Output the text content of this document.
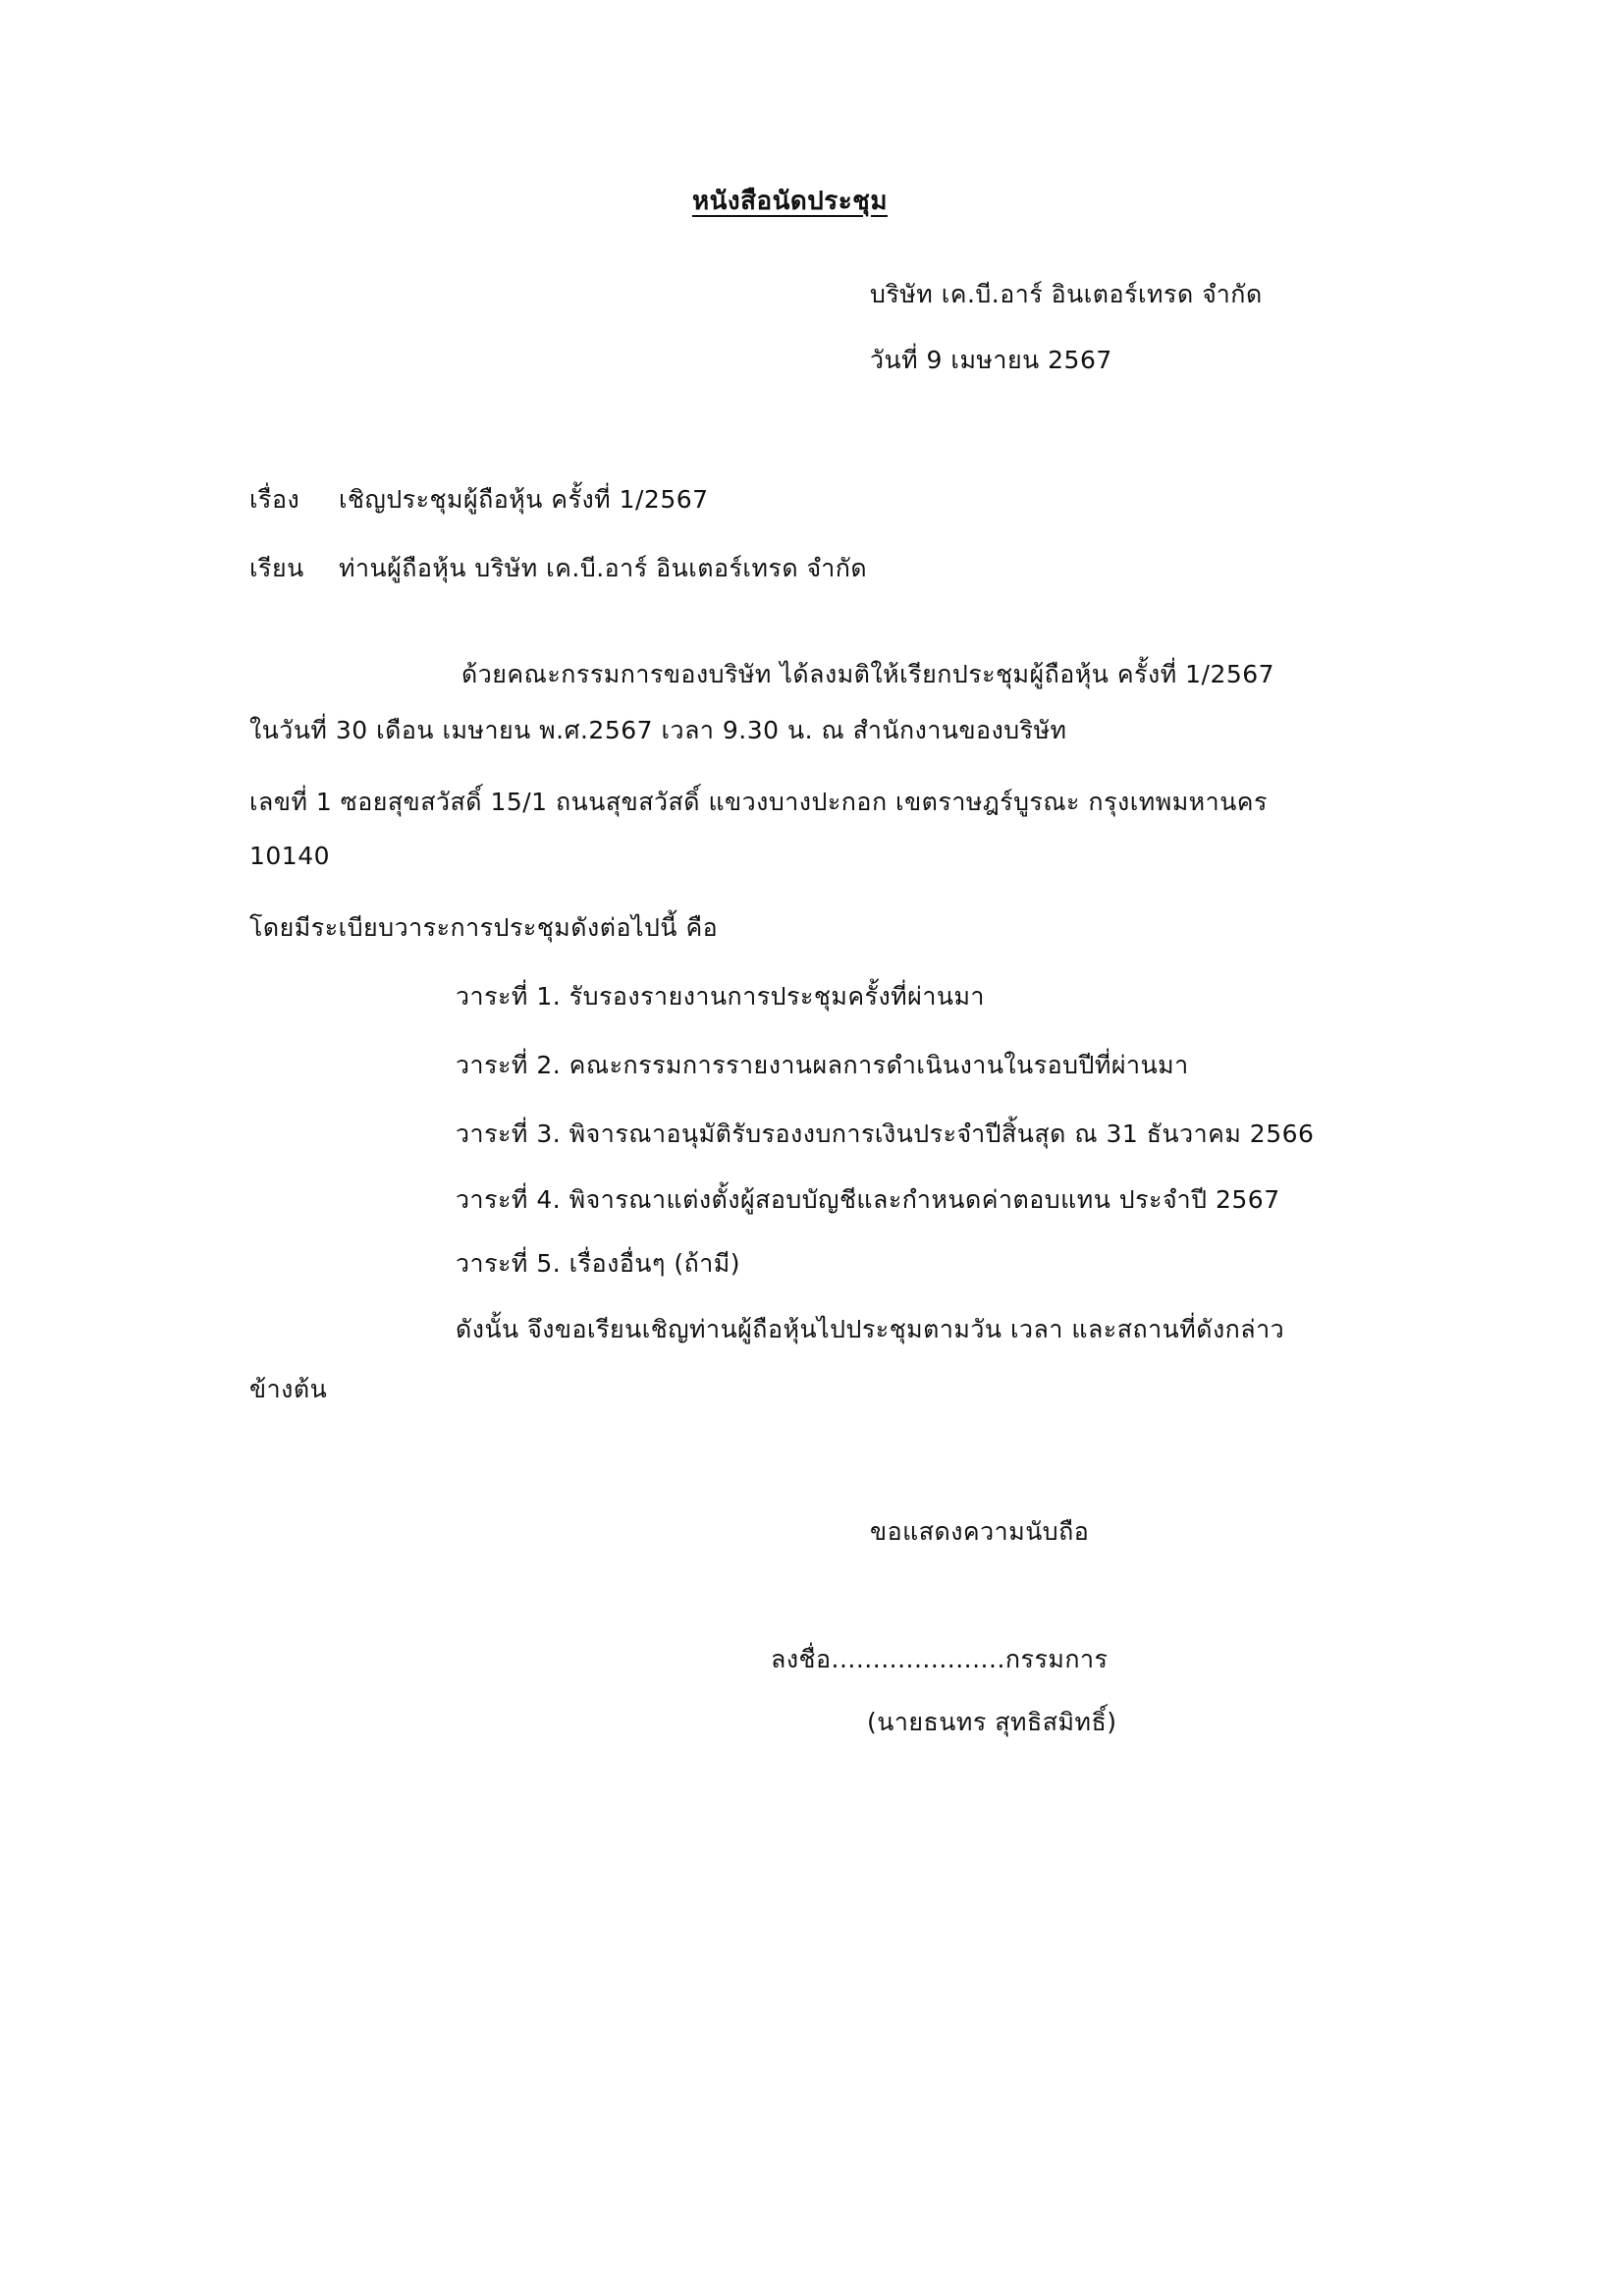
หนังสือนัดประชุม
บริษัท เค.บี.อาร์ อินเตอร์เทรด จำกัด
วันที่ 9 เมษายน 2567
เรื่อง เชิญประชุมผู้ถือหุ้น ครั้งที่ 1/2567
เรียน ท่านผู้ถือหุ้น บริษัท เค.บี.อาร์ อินเตอร์เทรด จำกัด
ด้วยคณะกรรมการของบริษัท ได้ลงมติให้เรียกประชุมผู้ถือหุ้น ครั้งที่ 1/2567
ในวันที่ 30 เดือน เมษายน พ.ศ.2567 เวลา 9.30 น. ณ สำนักงานของบริษัท
เลขที่ 1 ซอยสุขสวัสดิ์ 15/1 ถนนสุขสวัสดิ์ แขวงบางปะกอก เขตราษฎร์บูรณะ กรุงเทพมหานคร
10140
โดยมีระเบียบวาระการประชุมดังต่อไปนี้ คือ
วาระที่ 1. รับรองรายงานการประชุมครั้งที่ผ่านมา
วาระที่ 2. คณะกรรมการรายงานผลการดำเนินงานในรอบปีที่ผ่านมา
วาระที่ 3. พิจารณาอนุมัติรับรองงบการเงินประจำปีสิ้นสุด ณ 31 ธันวาคม 2566
วาระที่ 4. พิจารณาแต่งตั้งผู้สอบบัญชีและกำหนดค่าตอบแทน ประจำปี 2567
วาระที่ 5. เรื่องอื่นๆ (ถ้ามี)
ดังนั้น จึงขอเรียนเชิญท่านผู้ถือหุ้นไปประชุมตามวัน เวลา และสถานที่ดังกล่าว
ข้างต้น
ขอแสดงความนับถือ
ลงชื่อ.....................กรรมการ
(นายธนทร สุทธิสมิทธิ์)
